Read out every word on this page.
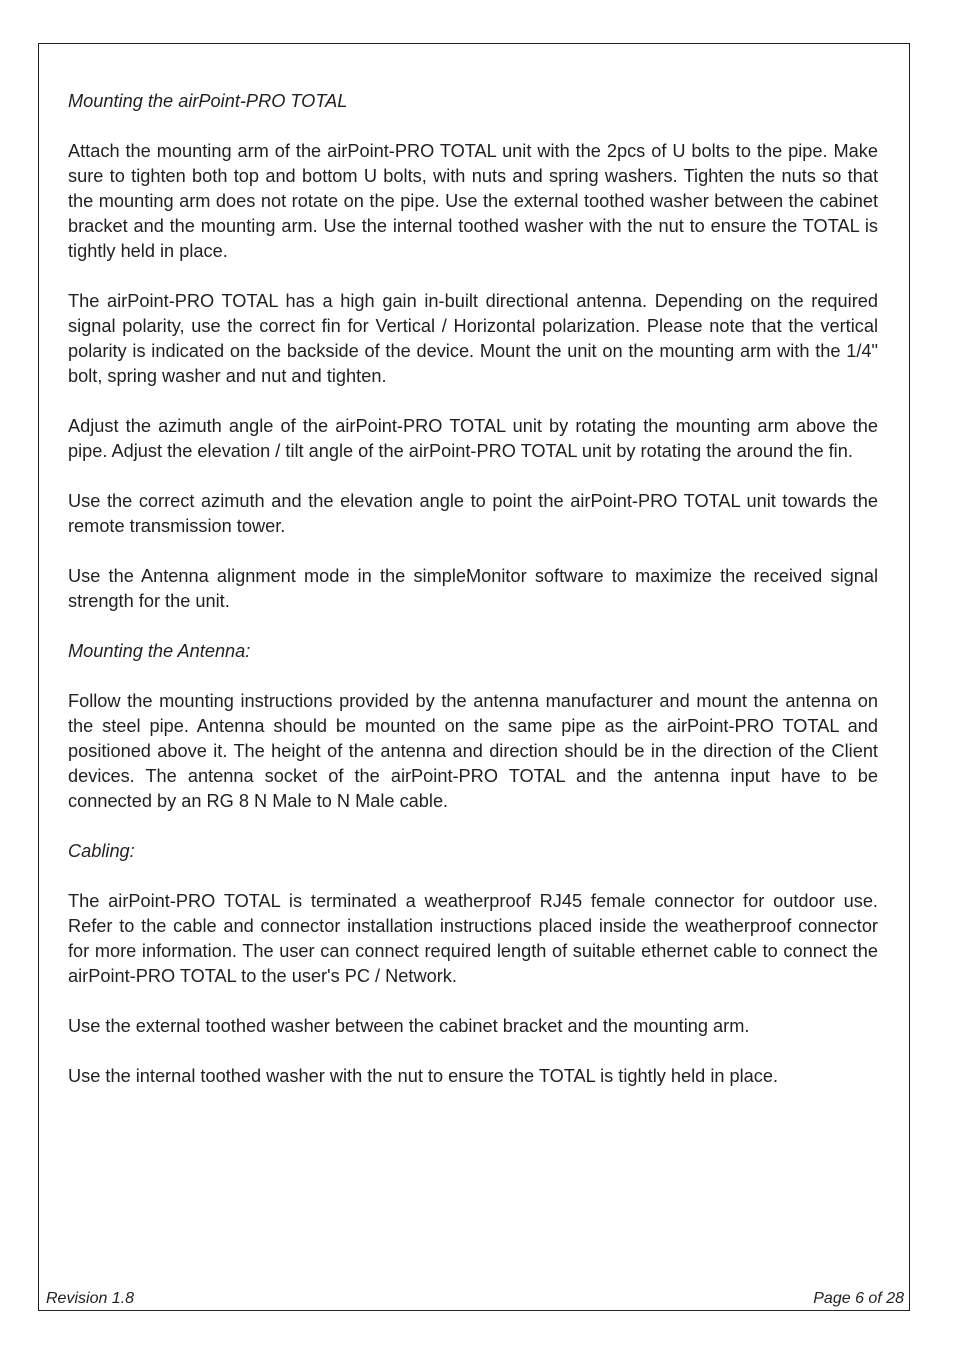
Mounting the airPoint-PRO TOTAL

Attach the mounting arm of the airPoint-PRO TOTAL unit with the 2pcs of U bolts to the pipe. Make sure to tighten both top and bottom U bolts, with nuts and spring washers. Tighten the nuts so that the mounting arm does not rotate on the pipe. Use the external toothed washer between the cabinet bracket and the mounting arm. Use the internal toothed washer with the nut to ensure the TOTAL is tightly held in place.

The airPoint-PRO TOTAL has a high gain in-built directional antenna. Depending on the required signal polarity, use the correct fin for Vertical / Horizontal polarization. Please note that the vertical polarity is indicated on the backside of the device. Mount the unit on the mounting arm with the 1/4" bolt, spring washer and nut and tighten.

Adjust the azimuth angle of the airPoint-PRO TOTAL unit by rotating the mounting arm above the pipe. Adjust the elevation / tilt angle of the airPoint-PRO TOTAL unit by rotating the around the fin.

Use the correct azimuth and the elevation angle to point the airPoint-PRO TOTAL unit towards the remote transmission tower.

Use the Antenna alignment mode in the simpleMonitor software to maximize the received signal strength for the unit.

Mounting the Antenna:

Follow the mounting instructions provided by the antenna manufacturer and mount the antenna on the steel pipe. Antenna should be mounted on the same pipe as the airPoint-PRO TOTAL and positioned above it. The height of the antenna and direction should be in the direction of the Client devices. The antenna socket of the airPoint-PRO TOTAL and the antenna input have to be connected by an RG 8 N Male to N Male cable.

Cabling:

The airPoint-PRO TOTAL is terminated a weatherproof RJ45 female connector for outdoor use. Refer to the cable and connector installation instructions placed inside the weatherproof connector for more information. The user can connect required length of suitable ethernet cable to connect the airPoint-PRO TOTAL to the user's PC / Network.

Use the external toothed washer between the cabinet bracket and the mounting arm.

Use the internal toothed washer with the nut to ensure the TOTAL is tightly held in place.

Revision 1.8	Page 6 of 28
